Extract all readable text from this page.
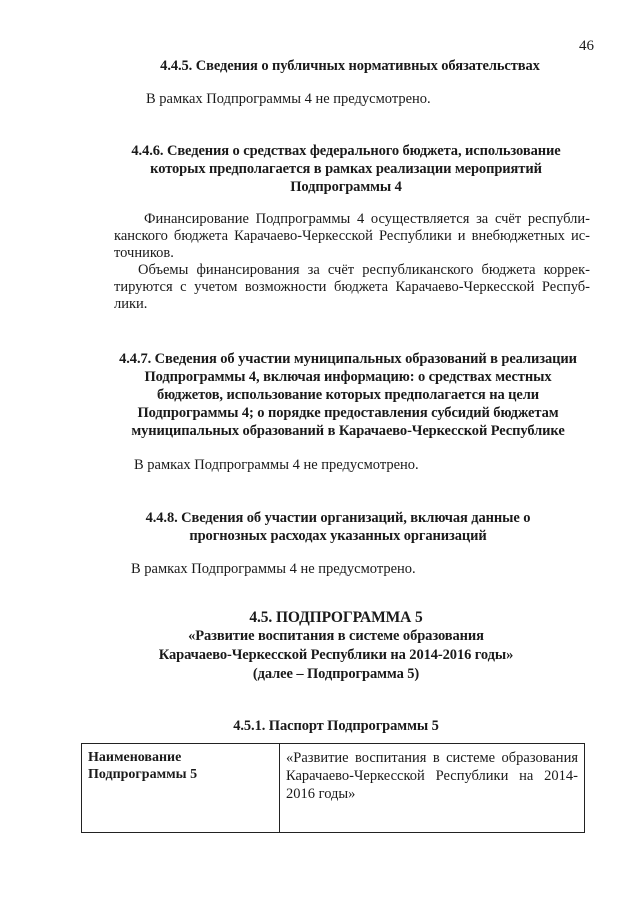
46
4.4.5. Сведения о публичных нормативных обязательствах
В рамках Подпрограммы 4 не предусмотрено.
4.4.6. Сведения о средствах федерального бюджета, использование
которых предполагается в рамках реализации мероприятий
Подпрограммы 4
Финансирование Подпрограммы 4 осуществляется за счёт республи-
канского бюджета Карачаево-Черкесской Республики и внебюджетных ис-
точников.
Объемы финансирования за счёт республиканского бюджета коррек-
тируются с учетом возможности бюджета Карачаево-Черкесской Респуб-
лики.
4.4.7. Сведения об участии муниципальных образований в реализации
Подпрограммы 4, включая информацию: о средствах местных
бюджетов, использование которых предполагается на цели
Подпрограммы 4; о порядке предоставления субсидий бюджетам
муниципальных образований в Карачаево-Черкесской Республике
В рамках Подпрограммы 4 не предусмотрено.
4.4.8. Сведения об участии организаций, включая данные о
прогнозных расходах указанных организаций
В рамках Подпрограммы 4 не предусмотрено.
4.5. ПОДПРОГРАММА 5
«Развитие воспитания в системе образования
Карачаево-Черкесской Республики на 2014-2016 годы»
(далее – Подпрограмма 5)
4.5.1. Паспорт Подпрограммы 5
Наименование
Подпрограммы 5
«Развитие воспитания в системе образования
Карачаево-Черкесской Республики на 2014-
2016 годы»
